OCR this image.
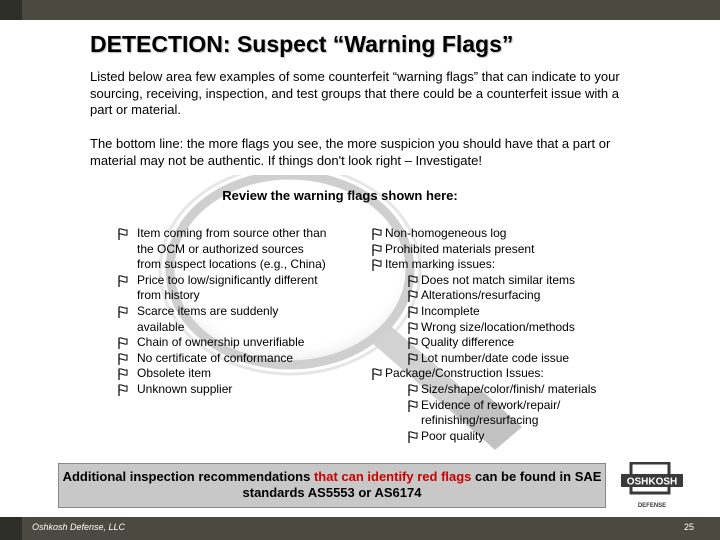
DETECTION: Suspect “Warning Flags”
Listed below area few examples of some counterfeit “warning flags” that can indicate to your sourcing, receiving, inspection, and test groups that there could be a counterfeit issue with a part or material.
The bottom line: the more flags you see, the more suspicion you should have that a part or material may not be authentic. If things don't look right – Investigate!
Review the warning flags shown here:
Item coming from source other than the OCM or authorized sources from suspect locations (e.g., China)
Price too low/significantly different from history
Scarce items are suddenly available
Chain of ownership unverifiable
No certificate of conformance
Obsolete item
Unknown supplier
Non-homogeneous log
Prohibited materials present
Item marking issues:
Does not match similar items
Alterations/resurfacing
Incomplete
Wrong size/location/methods
Quality difference
Lot number/date code issue
Package/Construction Issues:
Size/shape/color/finish/ materials
Evidence of rework/repair/ refinishing/resurfacing
Poor quality
Additional inspection recommendations that can identify red flags can be found in SAE standards AS5553 or AS6174
OSHKOSH
DEFENSE
Oshkosh Defense, LLC	25
